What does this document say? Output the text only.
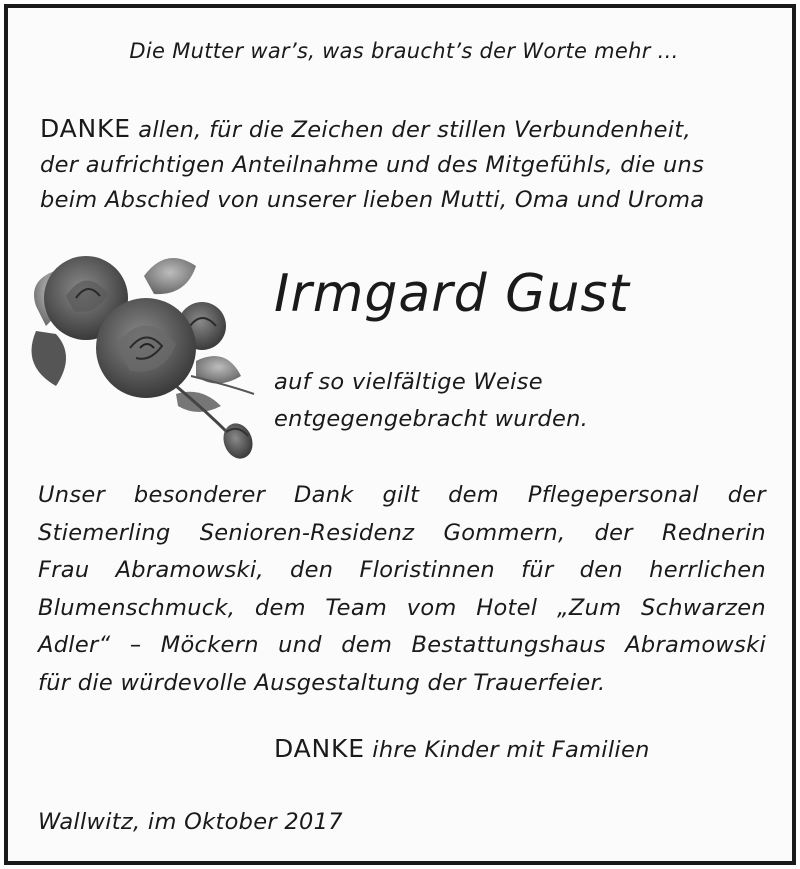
Die Mutter war’s, was braucht’s der Worte mehr ...

DANKE allen, für die Zeichen der stillen Verbundenheit,
der aufrichtigen Anteilnahme und des Mitgefühls, die uns
beim Abschied von unserer lieben Mutti, Oma und Uroma

Irmgard Gust

auf so vielfältige Weise
entgegengebracht wurden.
Unser besonderer Dank gilt dem Pflegepersonal der
Stiemerling Senioren-Residenz Gommern, der Rednerin
Frau Abramowski, den Floristinnen für den herrlichen
Blumenschmuck, dem Team vom Hotel „Zum Schwarzen
Adler“ – Möckern und dem Bestattungshaus Abramowski
für die würdevolle Ausgestaltung der Trauerfeier.
DANKE ihre Kinder mit Familien

Wallwitz, im Oktober 2017
